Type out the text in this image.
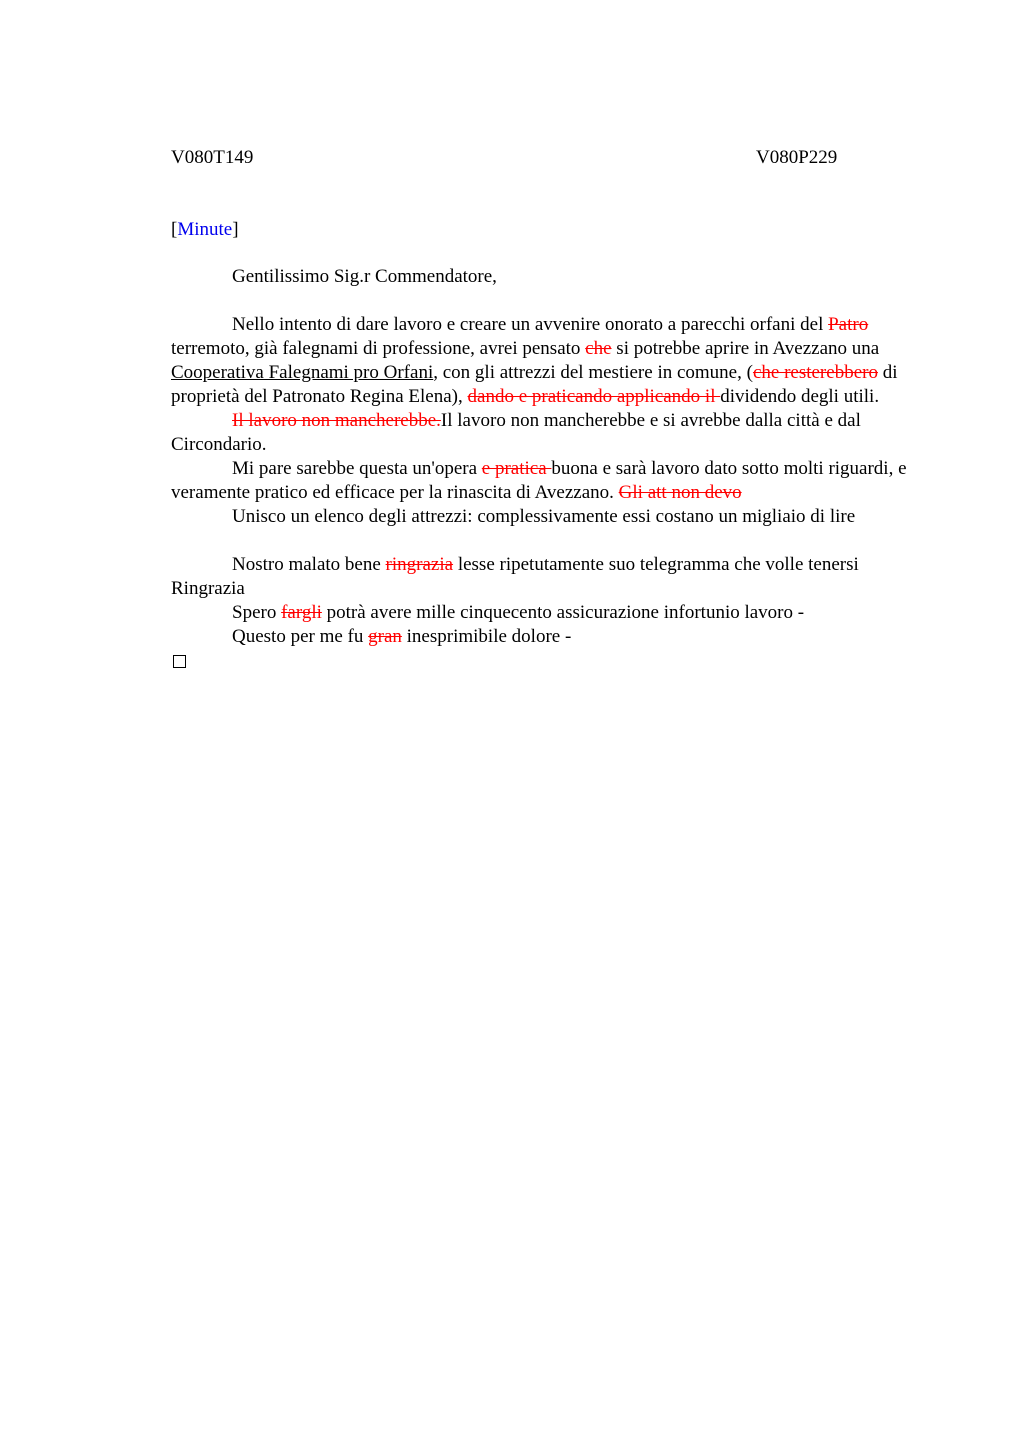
V080T149	V080P229

[Minute]

Gentilissimo Sig.r Commendatore,

Nello intento di dare lavoro e creare un avvenire onorato a parecchi orfani del Patro terremoto, già falegnami di professione, avrei pensato che si potrebbe aprire in Avezzano una Cooperativa Falegnami pro Orfani, con gli attrezzi del mestiere in comune, (che resterebbero di proprietà del Patronato Regina Elena), dando e praticando applicando il dividendo degli utili.

Il lavoro non mancherebbe.Il lavoro non mancherebbe e si avrebbe dalla città e dal Circondario.

Mi pare sarebbe questa un'opera e pratica buona e sarà lavoro dato sotto molti riguardi, e veramente pratico ed efficace per la rinascita di Avezzano. Gli att non devo

Unisco un elenco degli attrezzi: complessivamente essi costano un migliaio di lire

Nostro malato bene ringrazia lesse ripetutamente suo telegramma che volle tenersi Ringrazia

Spero fargli potrà avere mille cinquecento assicurazione infortunio lavoro -

Questo per me fu gran inesprimibile dolore -
